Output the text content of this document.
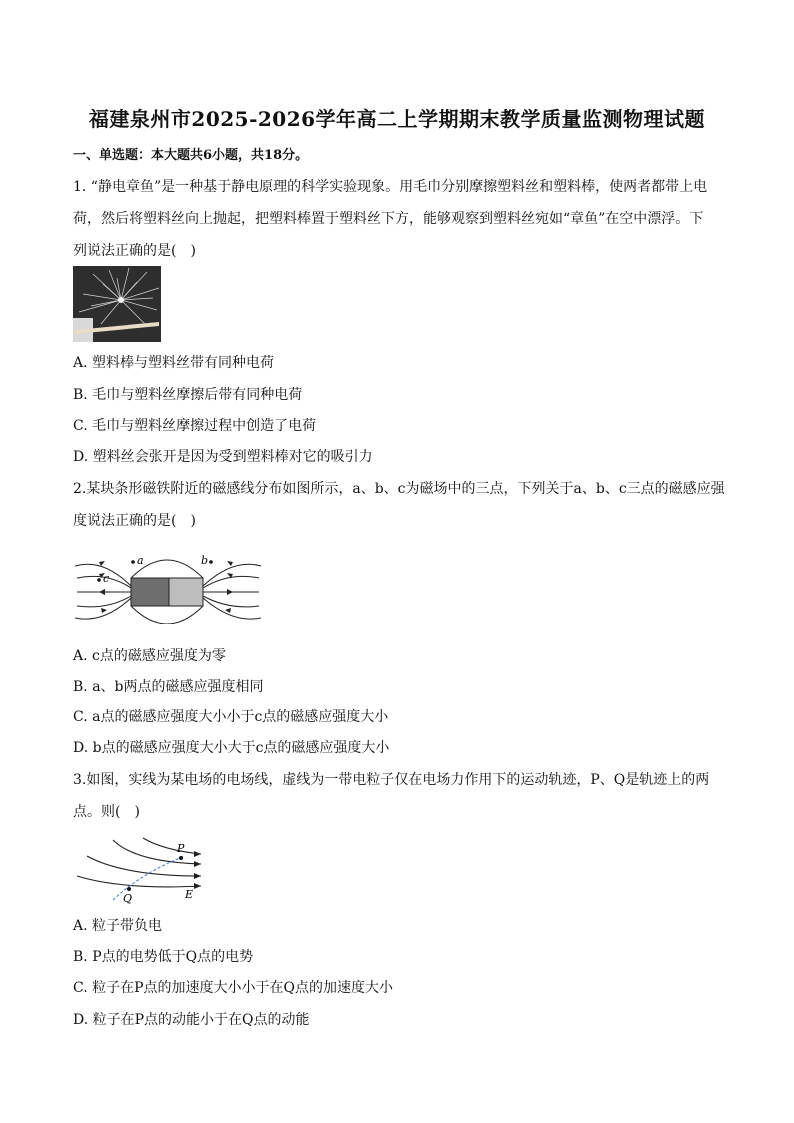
福建泉州市2025-2026学年高二上学期期末教学质量监测物理试题
一、单选题：本大题共6小题，共18分。
1. “静电章鱼”是一种基于静电原理的科学实验现象。用毛巾分别摩擦塑料丝和塑料棒，使两者都带上电
荷，然后将塑料丝向上抛起，把塑料棒置于塑料丝下方，能够观察到塑料丝宛如“章鱼”在空中漂浮。下
列说法正确的是(　)
A. 塑料棒与塑料丝带有同种电荷
B. 毛巾与塑料丝摩擦后带有同种电荷
C. 毛巾与塑料丝摩擦过程中创造了电荷
D. 塑料丝会张开是因为受到塑料棒对它的吸引力
2.某块条形磁铁附近的磁感线分布如图所示，a、b、c为磁场中的三点，下列关于a、b、c三点的磁感应强
度说法正确的是(　)
a	b
c
A. c点的磁感应强度为零
B. a、b两点的磁感应强度相同
C. a点的磁感应强度大小小于c点的磁感应强度大小
D. b点的磁感应强度大小大于c点的磁感应强度大小
3.如图，实线为某电场的电场线，虚线为一带电粒子仅在电场力作用下的运动轨迹，P、Q是轨迹上的两
点。则(　)
P
Q	E
A. 粒子带负电
B. P点的电势低于Q点的电势
C. 粒子在P点的加速度大小小于在Q点的加速度大小
D. 粒子在P点的动能小于在Q点的动能
